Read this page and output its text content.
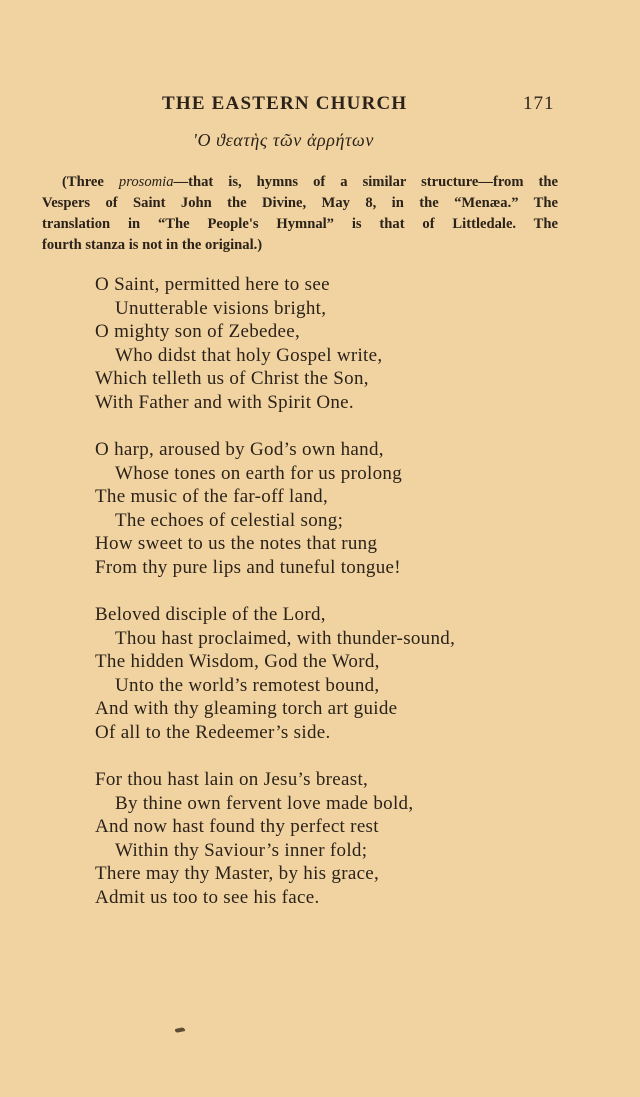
THE EASTERN CHURCH	171
'Ο ϑεατὴς τῶν ἀρρήτων
(Three prosomia—that is, hymns of a similar structure—from the
Vespers of Saint John the Divine, May 8, in the “Menæa.” The
translation in “The People's Hymnal” is that of Littledale. The
fourth stanza is not in the original.)
O Saint, permitted here to see
Unutterable visions bright,
O mighty son of Zebedee,
Who didst that holy Gospel write,
Which telleth us of Christ the Son,
With Father and with Spirit One.
O harp, aroused by God’s own hand,
Whose tones on earth for us prolong
The music of the far-off land,
The echoes of celestial song;
How sweet to us the notes that rung
From thy pure lips and tuneful tongue!
Beloved disciple of the Lord,
Thou hast proclaimed, with thunder-sound,
The hidden Wisdom, God the Word,
Unto the world’s remotest bound,
And with thy gleaming torch art guide
Of all to the Redeemer’s side.
For thou hast lain on Jesu’s breast,
By thine own fervent love made bold,
And now hast found thy perfect rest
Within thy Saviour’s inner fold;
There may thy Master, by his grace,
Admit us too to see his face.
